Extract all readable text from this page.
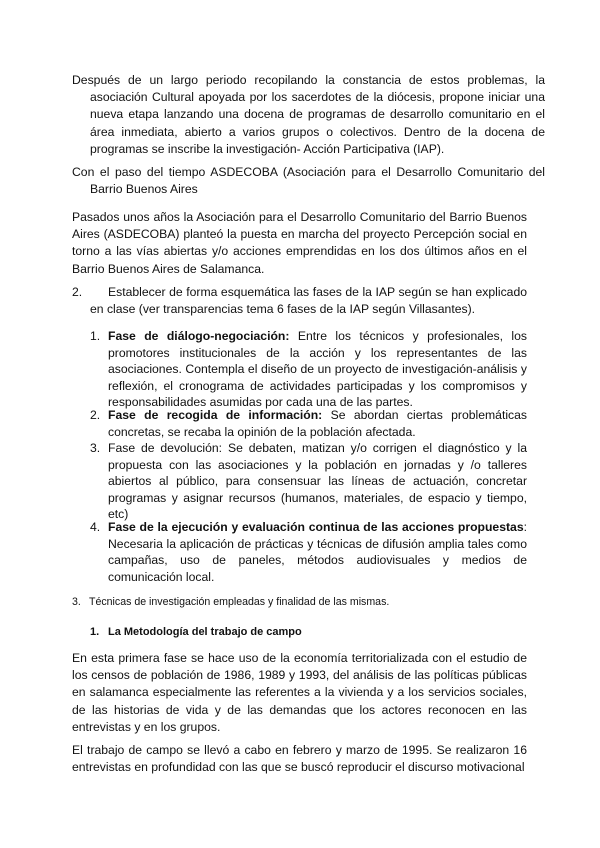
Después de un largo periodo recopilando la constancia de estos problemas, la asociación Cultural apoyada por los sacerdotes de la diócesis, propone iniciar una nueva etapa lanzando una docena de programas de desarrollo comunitario en el área inmediata, abierto a varios grupos o colectivos. Dentro de la docena de programas se inscribe la investigación- Acción Participativa (IAP).

Con el paso del tiempo ASDECOBA (Asociación para el Desarrollo Comunitario del Barrio Buenos Aires

Pasados unos años la Asociación para el Desarrollo Comunitario del Barrio Buenos Aires (ASDECOBA) planteó la puesta en marcha del proyecto Percepción social en torno a las vías abiertas y/o acciones emprendidas en los dos últimos años en el Barrio Buenos Aires de Salamanca.

2.	Establecer de forma esquemática las fases de la IAP según se han explicado en clase (ver transparencias tema 6 fases de la IAP según Villasantes).

1. Fase de diálogo-negociación: Entre los técnicos y profesionales, los promotores institucionales de la acción y los representantes de las asociaciones. Contempla el diseño de un proyecto de investigación-análisis y reflexión, el cronograma de actividades participadas y los compromisos y responsabilidades asumidas por cada una de las partes.
2. Fase de recogida de información: Se abordan ciertas problemáticas concretas, se recaba la opinión de la población afectada.
3. Fase de devolución: Se debaten, matizan y/o corrigen el diagnóstico y la propuesta con las asociaciones y la población en jornadas y /o talleres abiertos al público, para consensuar las líneas de actuación, concretar programas y asignar recursos (humanos, materiales, de espacio y tiempo, etc)
4. Fase de la ejecución y evaluación continua de las acciones propuestas: Necesaria la aplicación de prácticas y técnicas de difusión amplia tales como campañas, uso de paneles, métodos audiovisuales y medios de comunicación local.
3. Técnicas de investigación empleadas y finalidad de las mismas.
1. La Metodología del trabajo de campo

En esta primera fase se hace uso de la economía territorializada con el estudio de los censos de población de 1986, 1989 y 1993, del análisis de las políticas públicas en salamanca especialmente las referentes a la vivienda y a los servicios sociales, de las historias de vida y de las demandas que los actores reconocen en las entrevistas y en los grupos.

El trabajo de campo se llevó a cabo en febrero y marzo de 1995. Se realizaron 16 entrevistas en profundidad con las que se buscó reproducir el discurso motivacional
